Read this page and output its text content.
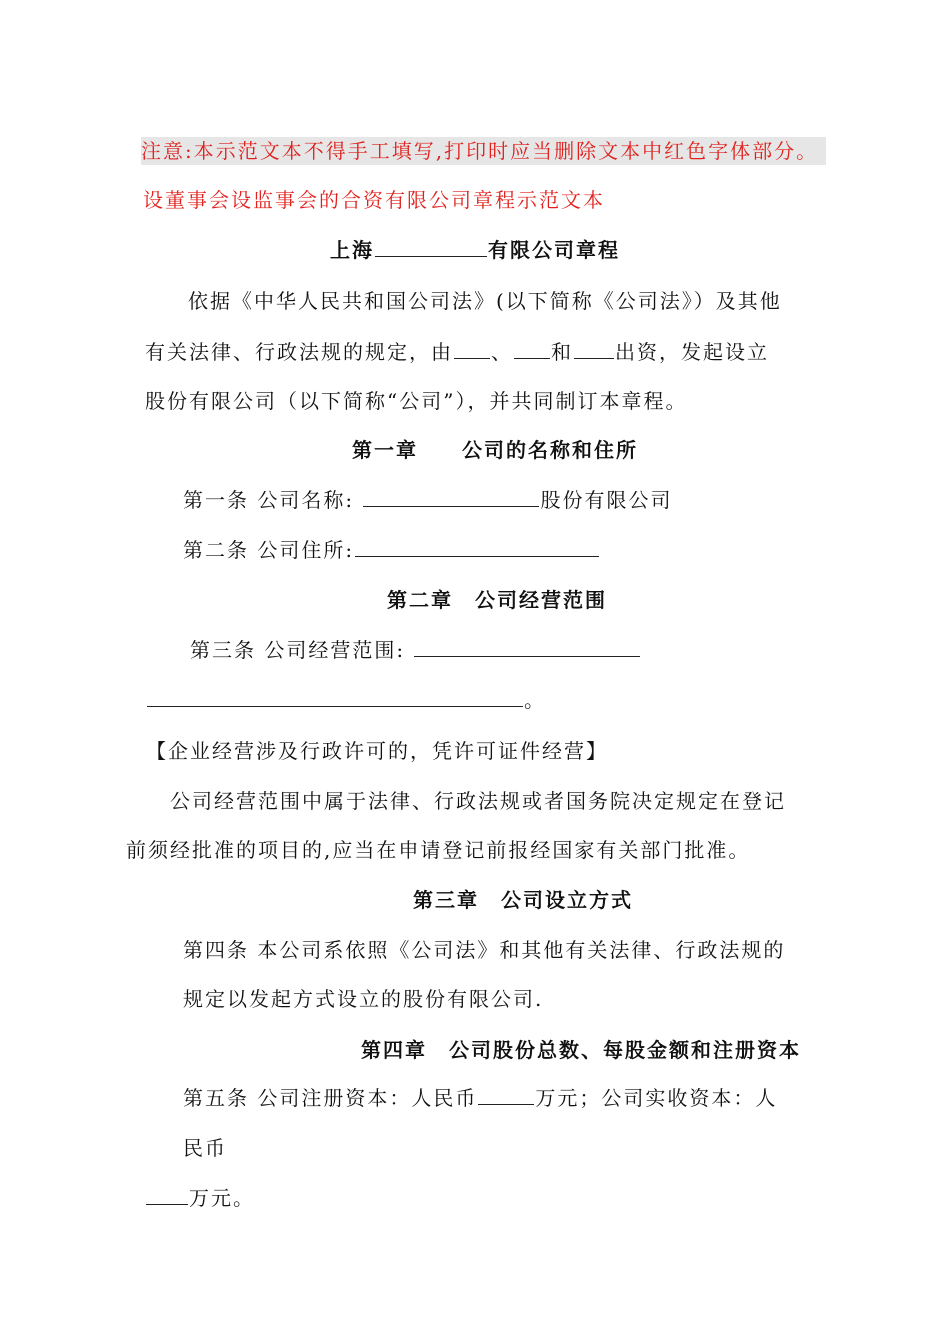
注意:本示范文本不得手工填写,打印时应当删除文本中红色字体部分。
设董事会设监事会的合资有限公司章程示范文本
上海	有限公司章程
依据《中华人民共和国公司法》(以下简称《公司法》）及其他
有关法律、行政法规的规定，由 、 和 出资，发起设立
股份有限公司（以下简称“公司”），并共同制订本章程。
第一章　　公司的名称和住所
第一条 公司名称:	股份有限公司
第二条 公司住所:
第二章　公司经营范围
第三条 公司经营范围:
。
【企业经营涉及行政许可的，凭许可证件经营】
公司经营范围中属于法律、行政法规或者国务院决定规定在登记
前须经批准的项目的,应当在申请登记前报经国家有关部门批准。
第三章　公司设立方式
第四条 本公司系依照《公司法》和其他有关法律、行政法规的
规定以发起方式设立的股份有限公司.
第四章　公司股份总数、每股金额和注册资本
第五条 公司注册资本：人民币	万元；公司实收资本：人
民币
万元。
